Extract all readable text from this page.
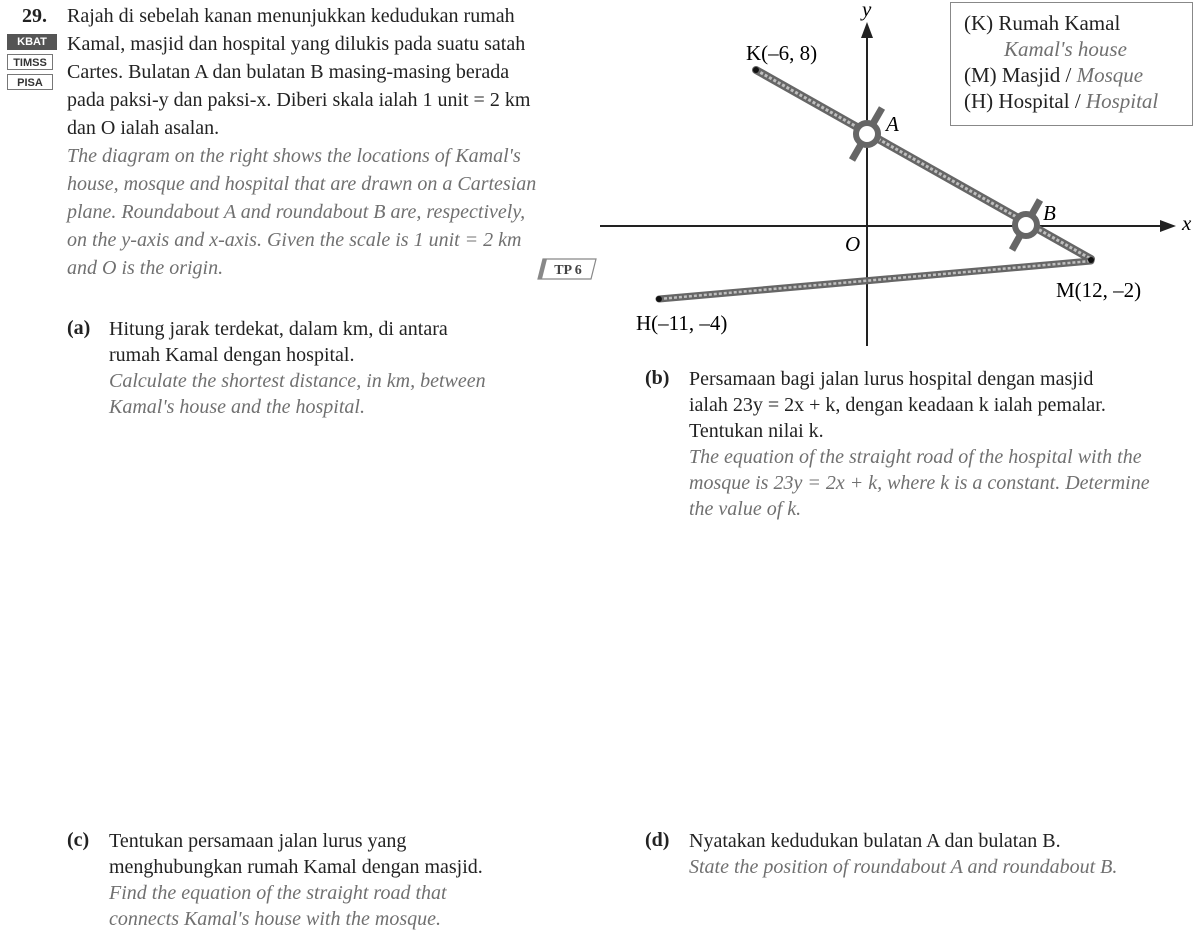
29.
KBAT
TIMSS
PISA

Rajah di sebelah kanan menunjukkan kedudukan rumah

Kamal, masjid dan hospital yang dilukis pada suatu satah

Cartes. Bulatan A dan bulatan B masing-masing berada

pada paksi-y dan paksi-x. Diberi skala ialah 1 unit = 2 km

dan O ialah asalan.

The diagram on the right shows the locations of Kamal's

house, mosque and hospital that are drawn on a Cartesian

plane. Roundabout A and roundabout B are, respectively,

on the y-axis and x-axis. Given the scale is 1 unit = 2 km

and O is the origin.	TP 6
x
y
O
K(–6, 8)
M(12, –2)
H(–11, –4)
A
B
(K) Rumah Kamal
Kamal's house
(M) Masjid / Mosque
(H) Hospital / Hospital
(a) Hitung jarak terdekat, dalam km, di antara

rumah Kamal dengan hospital.

Calculate the shortest distance, in km, between

Kamal's house and the hospital.

(b) Persamaan bagi jalan lurus hospital dengan masjid

ialah 23y = 2x + k, dengan keadaan k ialah pemalar.

Tentukan nilai k.

The equation of the straight road of the hospital with the

mosque is 23y = 2x + k, where k is a constant. Determine

the value of k.

(c) Tentukan persamaan jalan lurus yang

menghubungkan rumah Kamal dengan masjid.

Find the equation of the straight road that

connects Kamal's house with the mosque.

(d) Nyatakan kedudukan bulatan A dan bulatan B.

State the position of roundabout A and roundabout B.
